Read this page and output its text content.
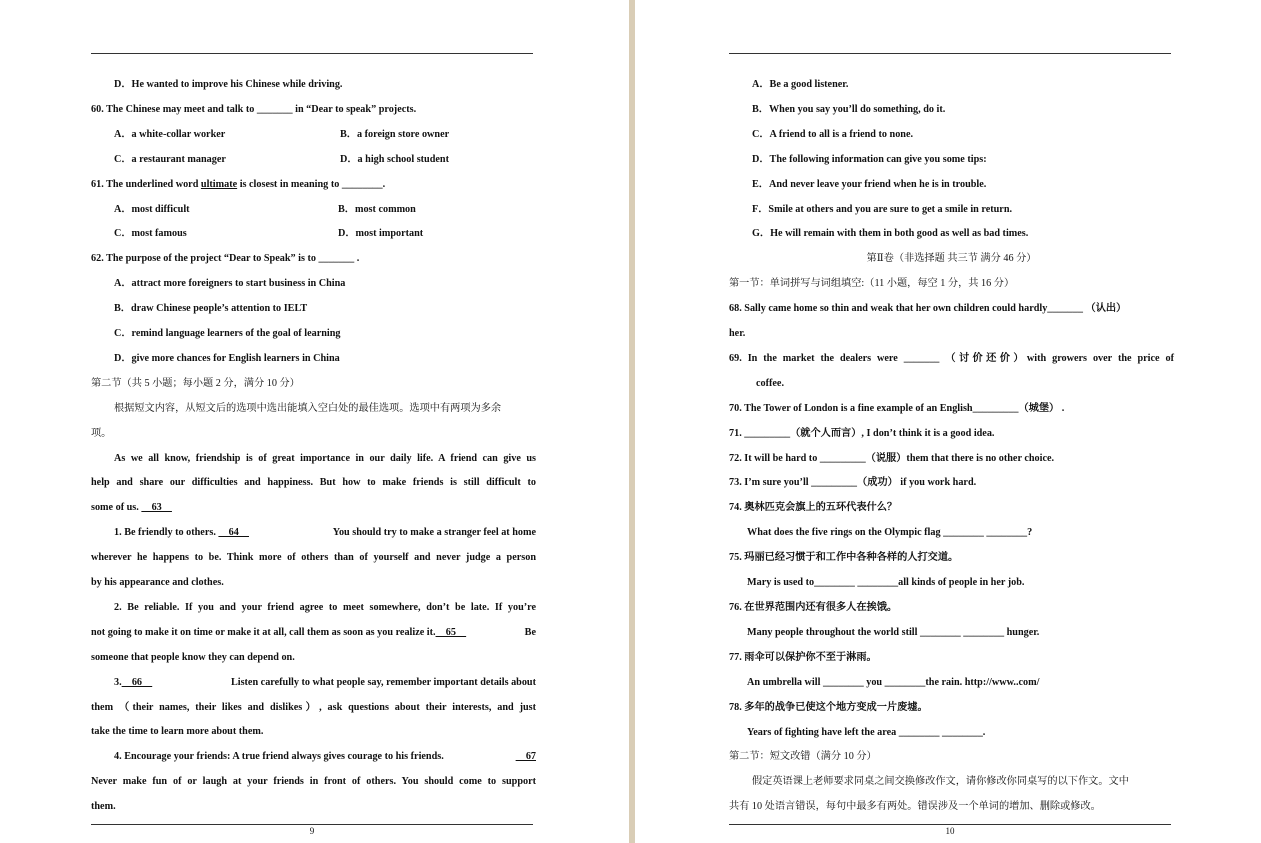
D．He wanted to improve his Chinese while driving.
60. The Chinese may meet and talk to _______ in “Dear to speak” projects.
A．a white-collar worker	B．a foreign store owner
C．a restaurant manager	D．a high school student
61. The underlined word ultimate is closest in meaning to ________.
A．most difficult	B．most common
C．most famous	D．most important
62. The purpose of the project “Dear to Speak” is to _______ .
A．attract more foreigners to start business in China
B．draw Chinese people’s attention to IELT
C．remind language learners of the goal of learning
D．give more chances for English learners in China
第二节（共 5 小题；每小题 2 分，满分 10 分）
根据短文内容，从短文后的选项中选出能填入空白处的最佳选项。选项中有两项为多余
项。
As we all know, friendship is of great importance in our daily life. A friend can give us
help and share our difficulties and happiness. But how to make friends is still difficult to
some of us.     63
1. Be friendly to others.     64	You should try to make a stranger feel at home
wherever he happens to be. Think more of others than of yourself and never judge a person
by his appearance and clothes.
2. Be reliable. If you and your friend agree to meet somewhere, don’t be late. If you’re
not going to make it on time or make it at all, call them as soon as you realize it.    65	Be
someone that people know they can depend on.
3.    66	Listen carefully to what people say, remember important details about
them （their names, their likes and dislikes）, ask questions about their interests, and just
take the time to learn more about them.
4. Encourage your friends: A true friend always gives courage to his friends.	67
Never make fun of or laugh at your friends in front of others. You should come to support
them.
9
A．Be a good listener.
B．When you say you’ll do something, do it.
C．A friend to all is a friend to none.
D．The following information can give you some tips:
E．And never leave your friend when he is in trouble.
F．Smile at others and you are sure to get a smile in return.
G．He will remain with them in both good as well as bad times.
第Ⅱ卷（非选择题 共三节 满分 46 分）
第一节：单词拼写与词组填空:（11 小题，每空 1 分，共 16 分）
68. Sally came home so thin and weak that her own children could hardly_______ （认出）
her.
69. In the market the dealers were _______ （讨价还价）with growers over the price of
coffee.
70. The Tower of London is a fine example of an English_________（城堡） .
71. _________（就个人而言）, I don’t think it is a good idea.
72. It will be hard to _________（说服）them that there is no other choice.
73. I’m sure you’ll _________（成功） if you work hard.
74. 奥林匹克会旗上的五环代表什么？
What does the five rings on the Olympic flag ________ ________?
75. 玛丽已经习惯于和工作中各种各样的人打交道。
Mary is used to________ ________all kinds of people in her job.
76. 在世界范围内还有很多人在挨饿。
Many people throughout the world still ________ ________ hunger.
77. 雨伞可以保护你不至于淋雨。
An umbrella will ________ you ________the rain. http://www..com/
78. 多年的战争已使这个地方变成一片废墟。
Years of fighting have left the area ________ ________.
第二节：短文改错（满分 10 分）
假定英语课上老师要求同桌之间交换修改作文，请你修改你同桌写的以下作文。文中
共有 10 处语言错误，每句中最多有两处。错误涉及一个单词的增加、删除或修改。
10
